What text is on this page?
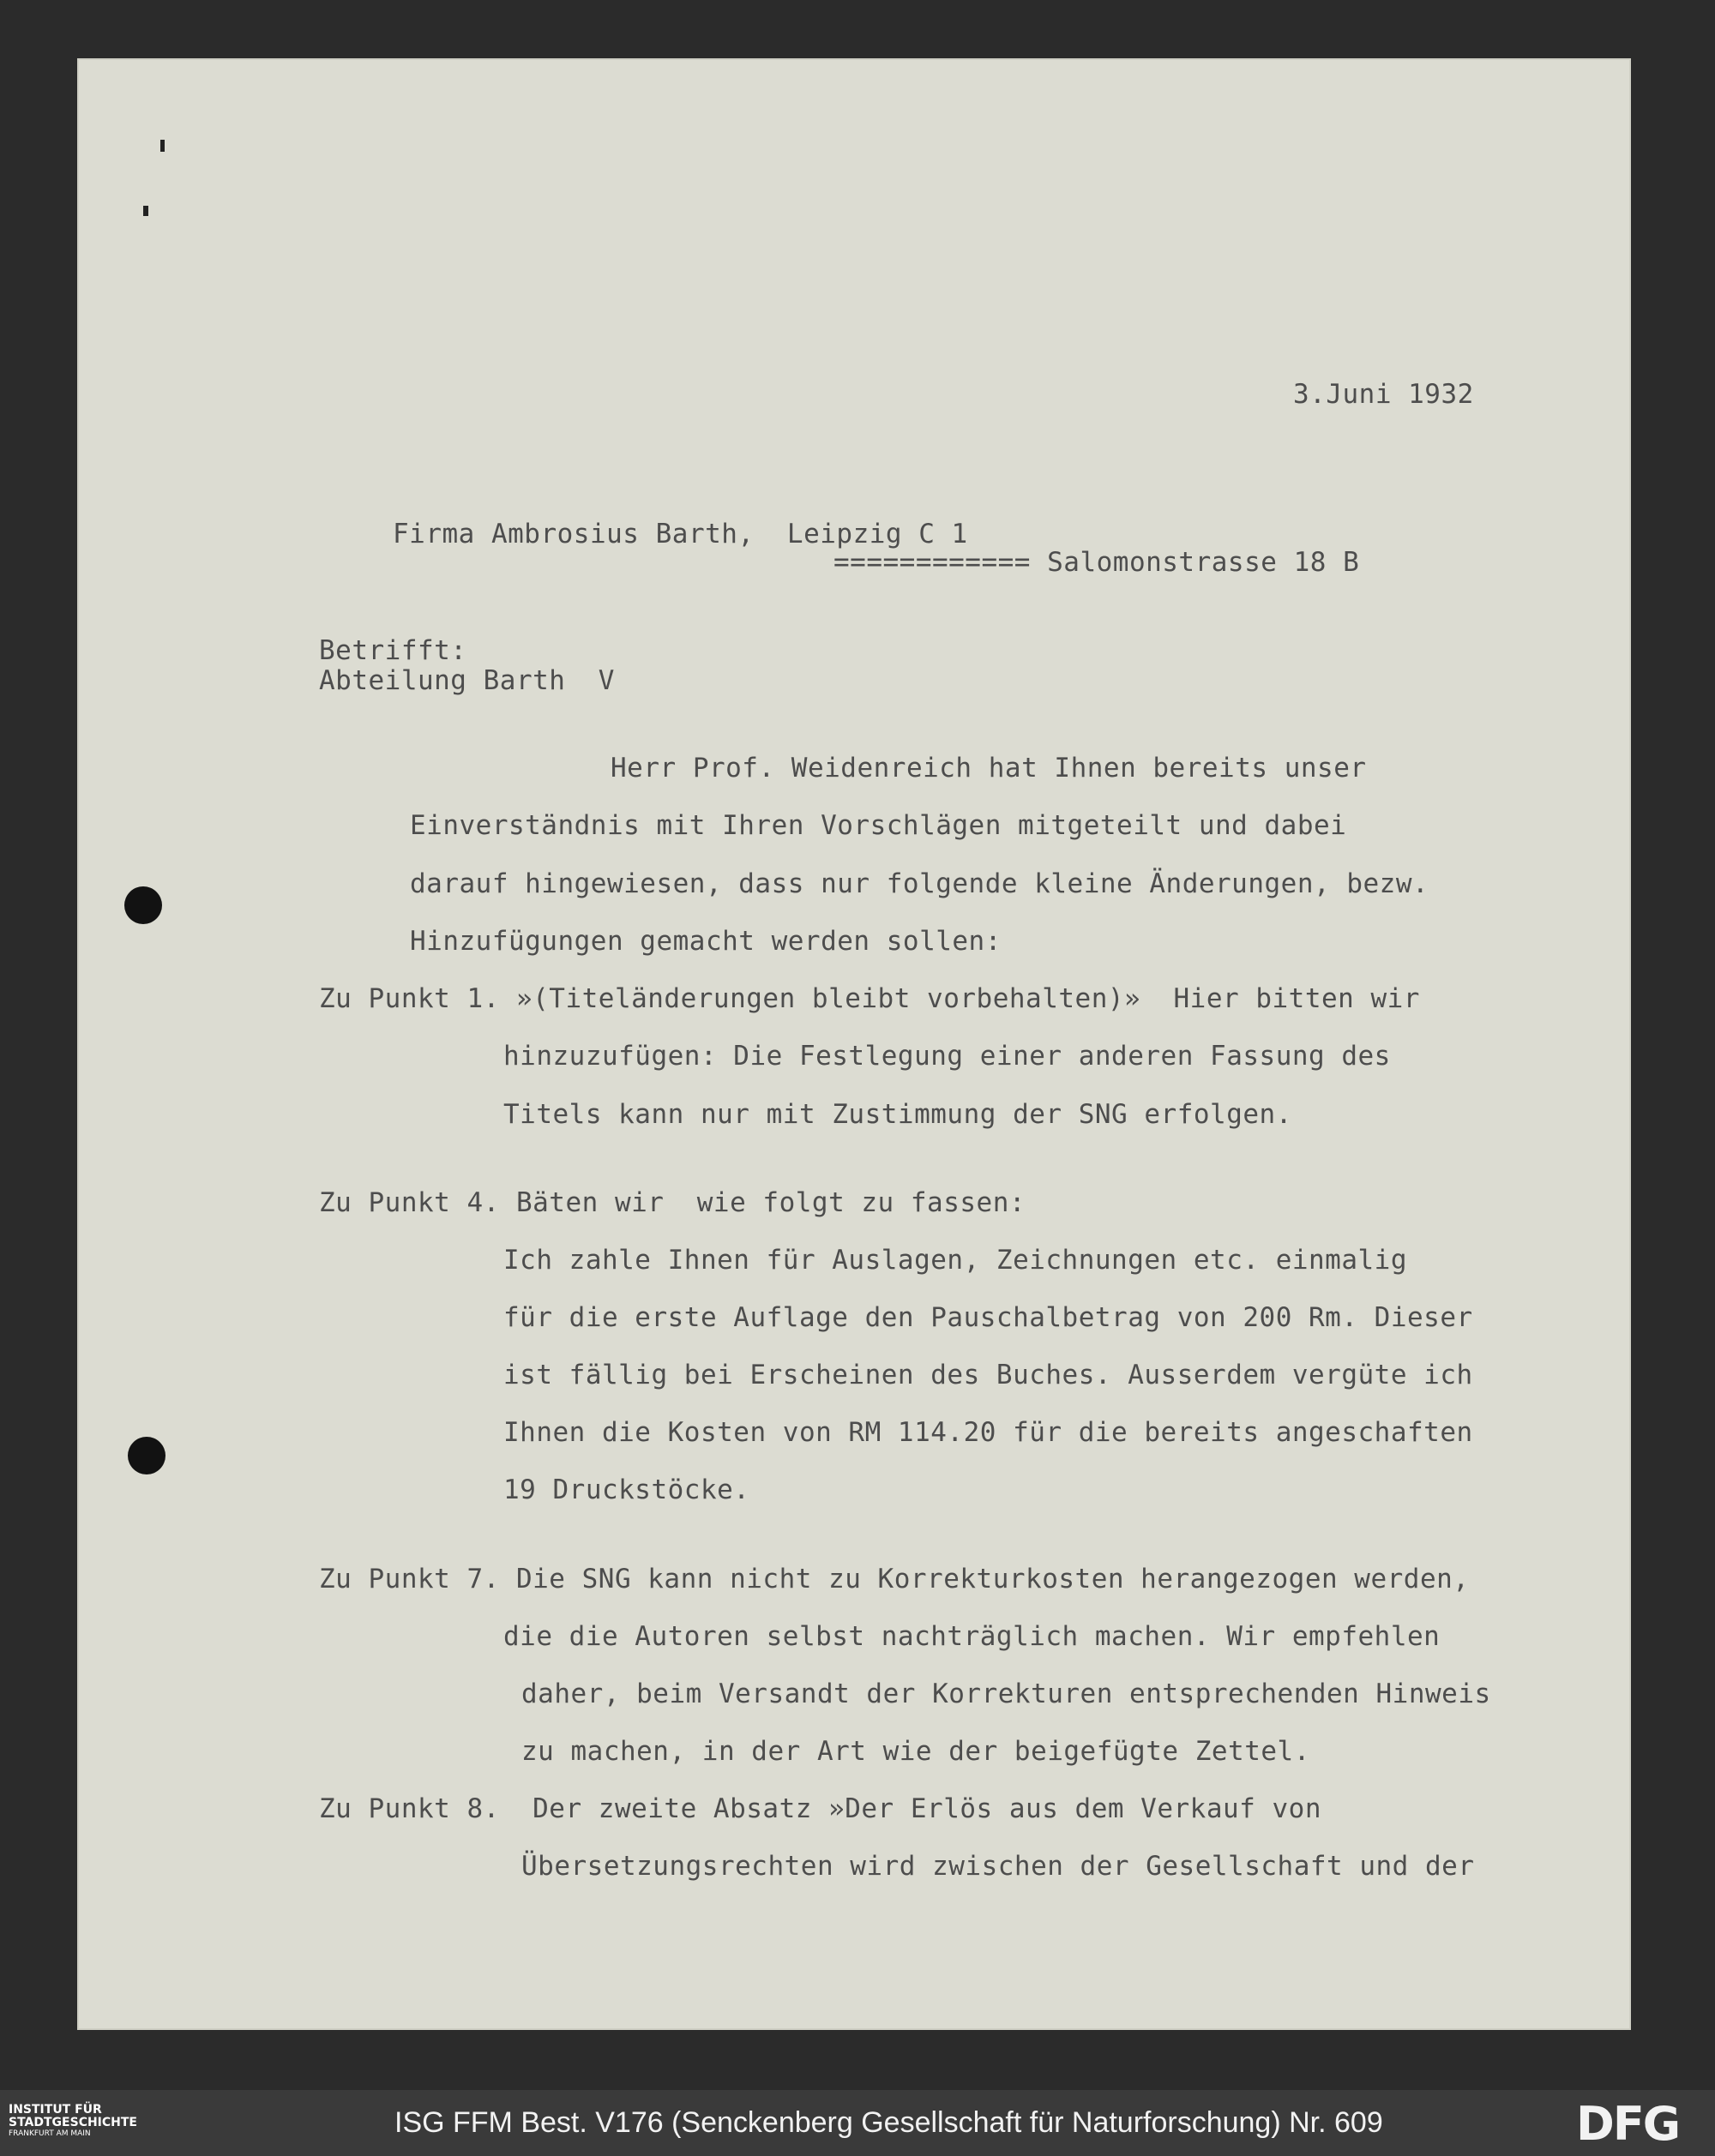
3.Juni 1932
Firma Ambrosius Barth,  Leipzig C 1
============ Salomonstrasse 18 B
Betrifft:
Abteilung Barth  V
Herr Prof. Weidenreich hat Ihnen bereits unser
Einverständnis mit Ihren Vorschlägen mitgeteilt und dabei
darauf hingewiesen, dass nur folgende kleine Änderungen, bezw.
Hinzufügungen gemacht werden sollen:
Zu Punkt 1. »(Titeländerungen bleibt vorbehalten)»  Hier bitten wir
hinzuzufügen: Die Festlegung einer anderen Fassung des
Titels kann nur mit Zustimmung der SNG erfolgen.
Zu Punkt 4. Bäten wir  wie folgt zu fassen:
Ich zahle Ihnen für Auslagen, Zeichnungen etc. einmalig
für die erste Auflage den Pauschalbetrag von 200 Rm. Dieser
ist fällig bei Erscheinen des Buches. Ausserdem vergüte ich
Ihnen die Kosten von RM 114.20 für die bereits angeschaften
19 Druckstöcke.
Zu Punkt 7. Die SNG kann nicht zu Korrekturkosten herangezogen werden,
die die Autoren selbst nachträglich machen. Wir empfehlen
daher, beim Versandt der Korrekturen entsprechenden Hinweis
zu machen, in der Art wie der beigefügte Zettel.
Zu Punkt 8.  Der zweite Absatz »Der Erlös aus dem Verkauf von
Übersetzungsrechten wird zwischen der Gesellschaft und der
INSTITUT FÜR
STADTGESCHICHTE
FRANKFURT AM MAIN	ISG FFM Best. V176 (Senckenberg Gesellschaft für Naturforschung) Nr. 609	DFG
